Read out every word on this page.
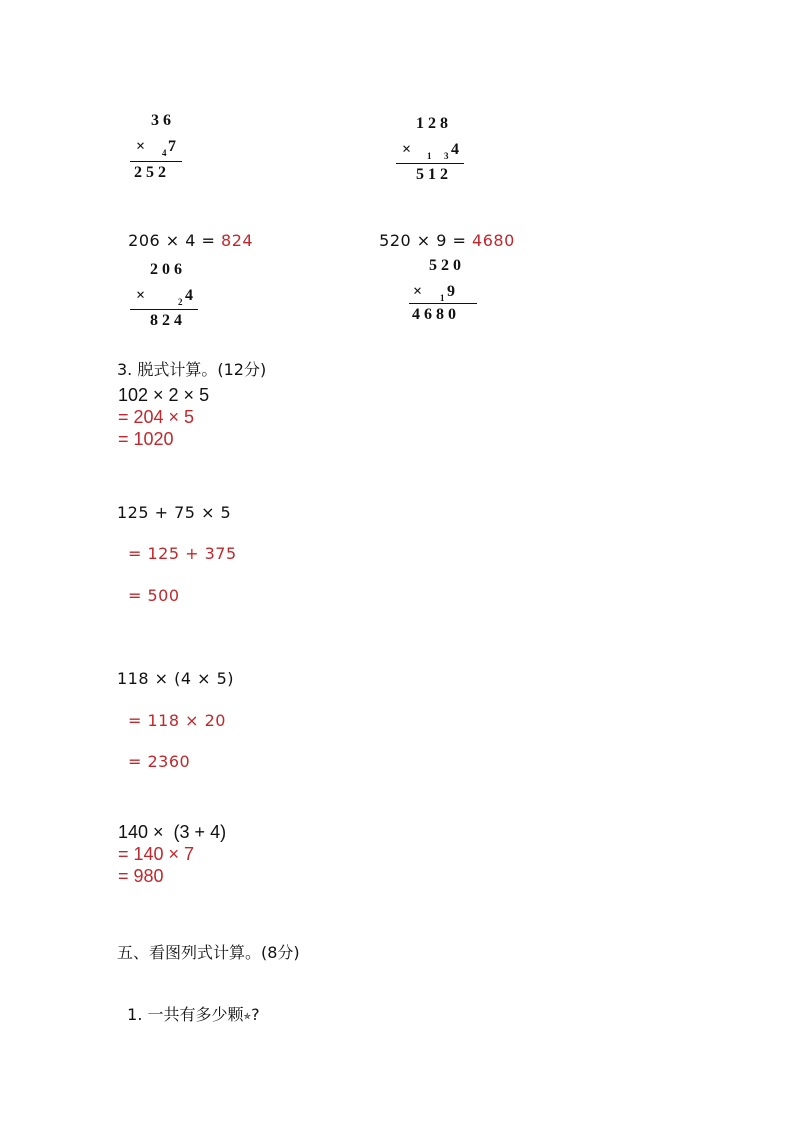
3 6
× 4 7
2 5 2
1 2 8
× 1 3 4
5 1 2

206 × 4 = 824	520 × 9 = 4680

2 0 6
×	2 4
8 2 4
5 2 0
× 1 9
4 6 8 0
3. 脱式计算。(12分)
102 × 2 × 5
= 204 × 5
= 1020
125 + 75 × 5
= 125 + 375
= 500
118 × (4 × 5)
= 118 × 20
= 2360
140 ×  (3 + 4)
= 140 × 7
= 980
五、看图列式计算。(8分)

1. 一共有多少颗✯?
